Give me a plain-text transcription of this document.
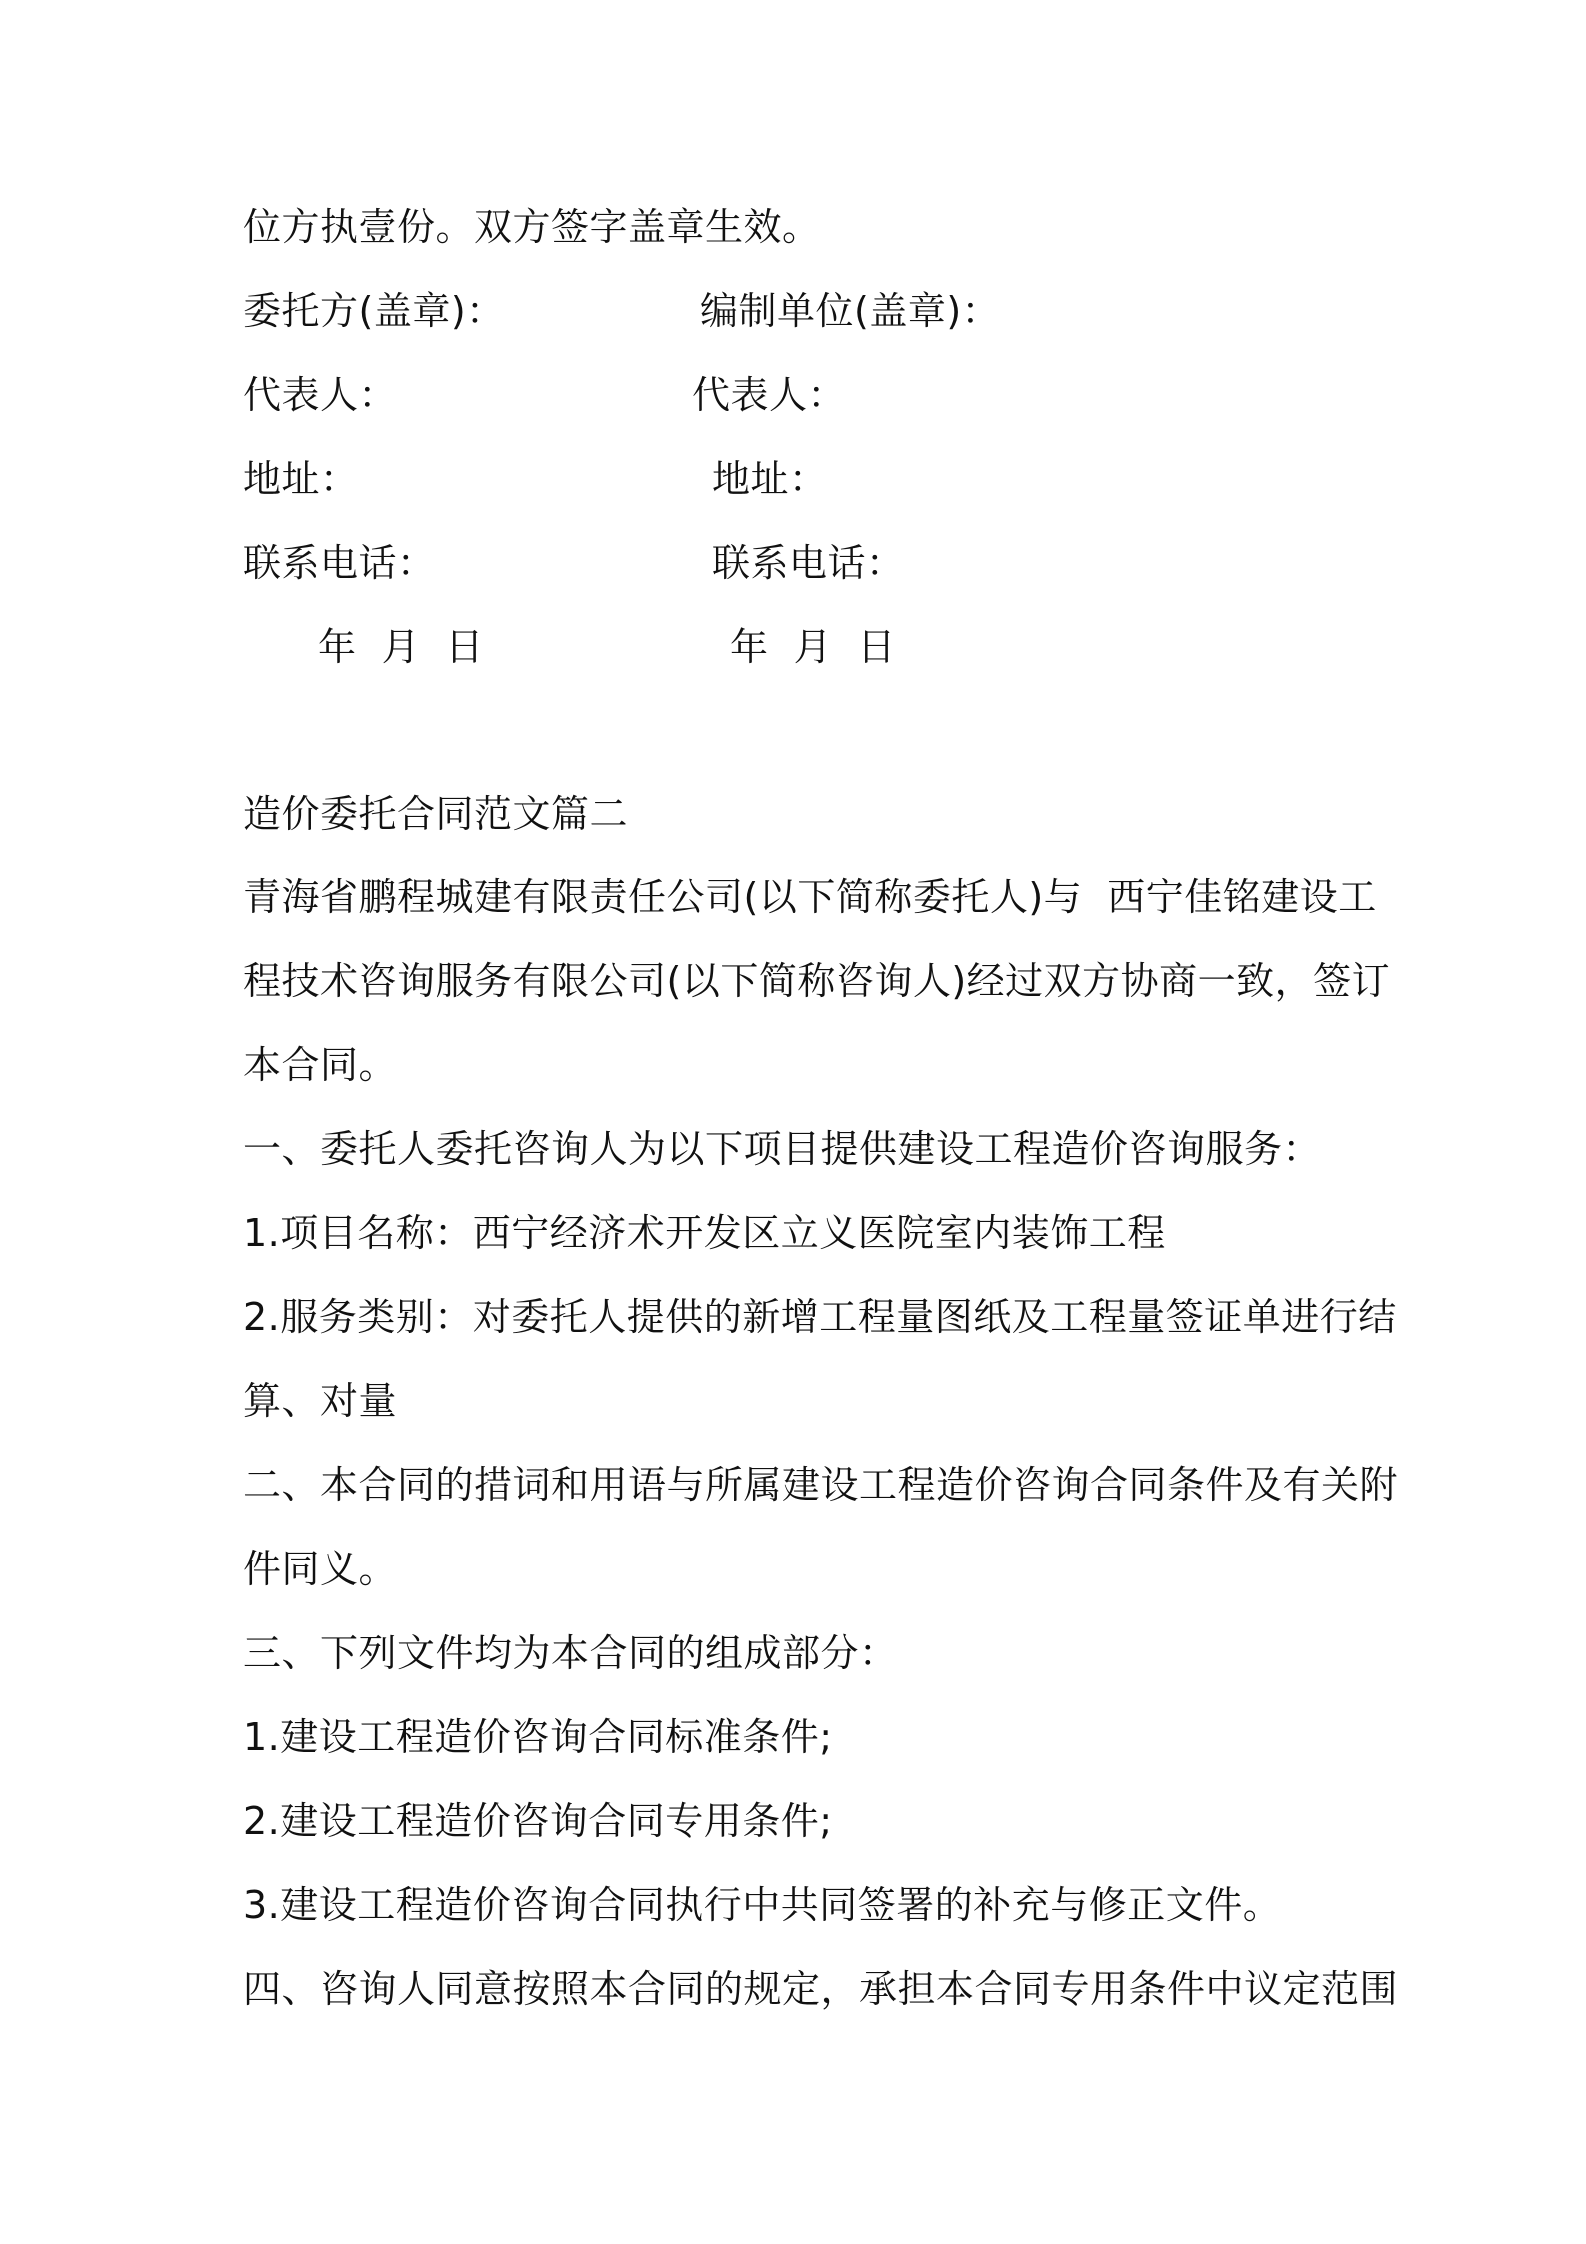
位方执壹份。双方签字盖章生效。
委托方(盖章)：
代表人：
地址：
联系电话：
年  月  日
编制单位(盖章)：
代表人：
地址：
联系电话：
年  月  日
造价委托合同范文篇二
青海省鹏程城建有限责任公司(以下简称委托人)与  西宁佳铭建设工
程技术咨询服务有限公司(以下简称咨询人)经过双方协商一致，签订
本合同。
一、委托人委托咨询人为以下项目提供建设工程造价咨询服务：
1.项目名称：西宁经济术开发区立义医院室内装饰工程
2.服务类别：对委托人提供的新增工程量图纸及工程量签证单进行结
算、对量
二、本合同的措词和用语与所属建设工程造价咨询合同条件及有关附
件同义。
三、下列文件均为本合同的组成部分：
1.建设工程造价咨询合同标准条件;
2.建设工程造价咨询合同专用条件;
3.建设工程造价咨询合同执行中共同签署的补充与修正文件。
四、咨询人同意按照本合同的规定，承担本合同专用条件中议定范围
